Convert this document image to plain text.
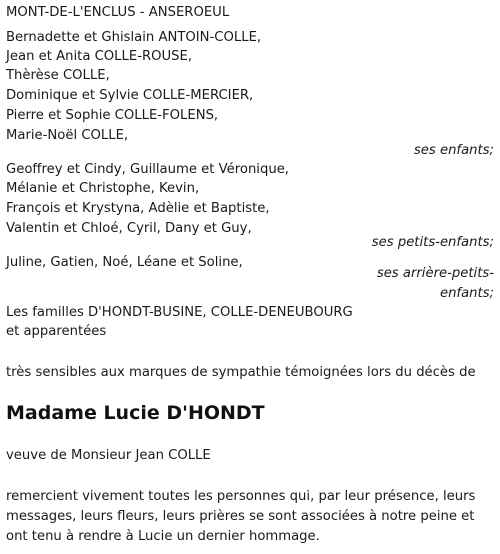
MONT-DE-L'ENCLUS - ANSEROEUL
Bernadette et Ghislain ANTOIN-COLLE,
Jean et Anita COLLE-ROUSE,
Thèrèse COLLE,
Dominique et Sylvie COLLE-MERCIER,
Pierre et Sophie COLLE-FOLENS,
Marie-Noël COLLE,
ses enfants;
Geoffrey et Cindy, Guillaume et Véronique,
Mélanie et Christophe, Kevin,
François et Krystyna, Adèlie et Baptiste,
Valentin et Chloé, Cyril, Dany et Guy,
ses petits-enfants;
Juline, Gatien, Noé, Léane et Soline,
ses arrière-petits-
enfants;
Les familles D'HONDT-BUSINE, COLLE-DENEUBOURG
et apparentées
très sensibles aux marques de sympathie témoignées lors du décès de
Madame Lucie D'HONDT
veuve de Monsieur Jean COLLE
remercient vivement toutes les personnes qui, par leur présence, leurs
messages, leurs fleurs, leurs prières se sont associées à notre peine et
ont tenu à rendre à Lucie un dernier hommage.
